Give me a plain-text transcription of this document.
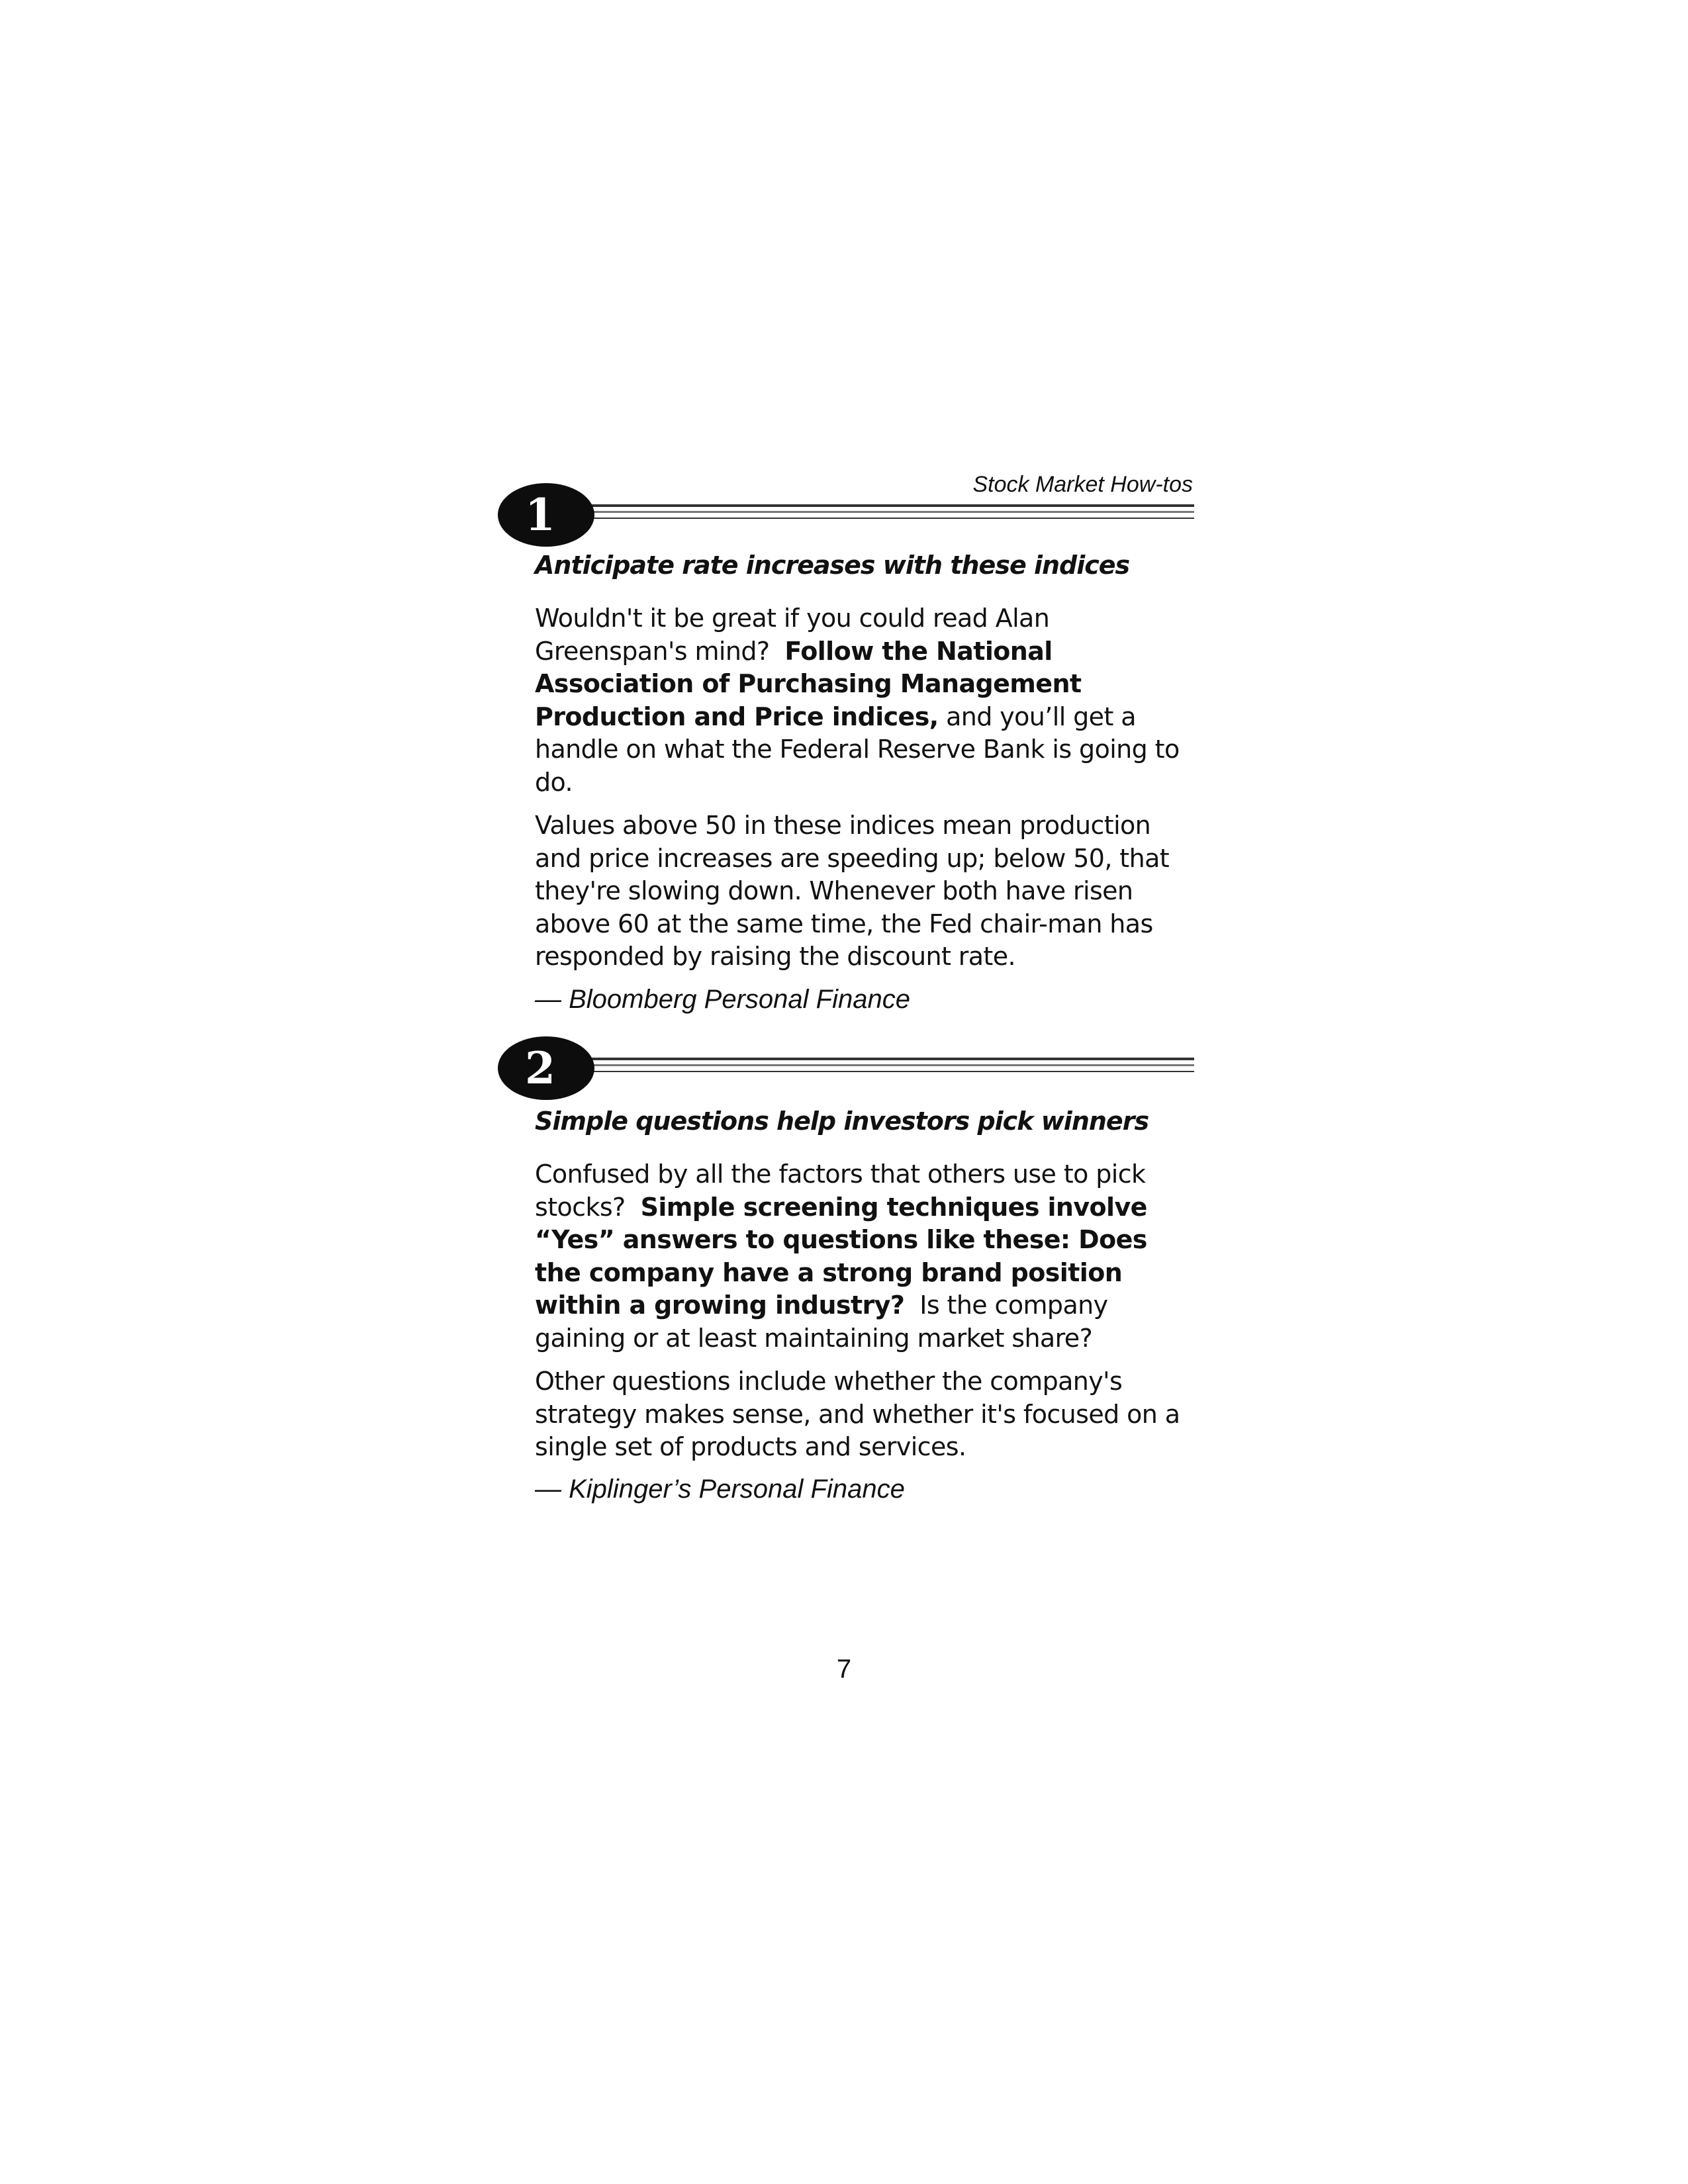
Stock Market How-tos
1
Anticipate rate increases with these indices

Wouldn't it be great if you could read Alan Greenspan's mind? Follow the National Association of Purchasing Management Production and Price indices, and you’ll get a handle on what the Federal Reserve Bank is going to do.

Values above 50 in these indices mean production and price increases are speeding up; below 50, that they're slowing down. Whenever both have risen above 60 at the same time, the Fed chair-man has responded by raising the discount rate.

— Bloomberg Personal Finance
2
Simple questions help investors pick winners

Confused by all the factors that others use to pick stocks? Simple screening techniques involve “Yes” answers to questions like these: Does the company have a strong brand position within a growing industry? Is the company gaining or at least maintaining market share?

Other questions include whether the company's strategy makes sense, and whether it's focused on a single set of products and services.

— Kiplinger’s Personal Finance
7
